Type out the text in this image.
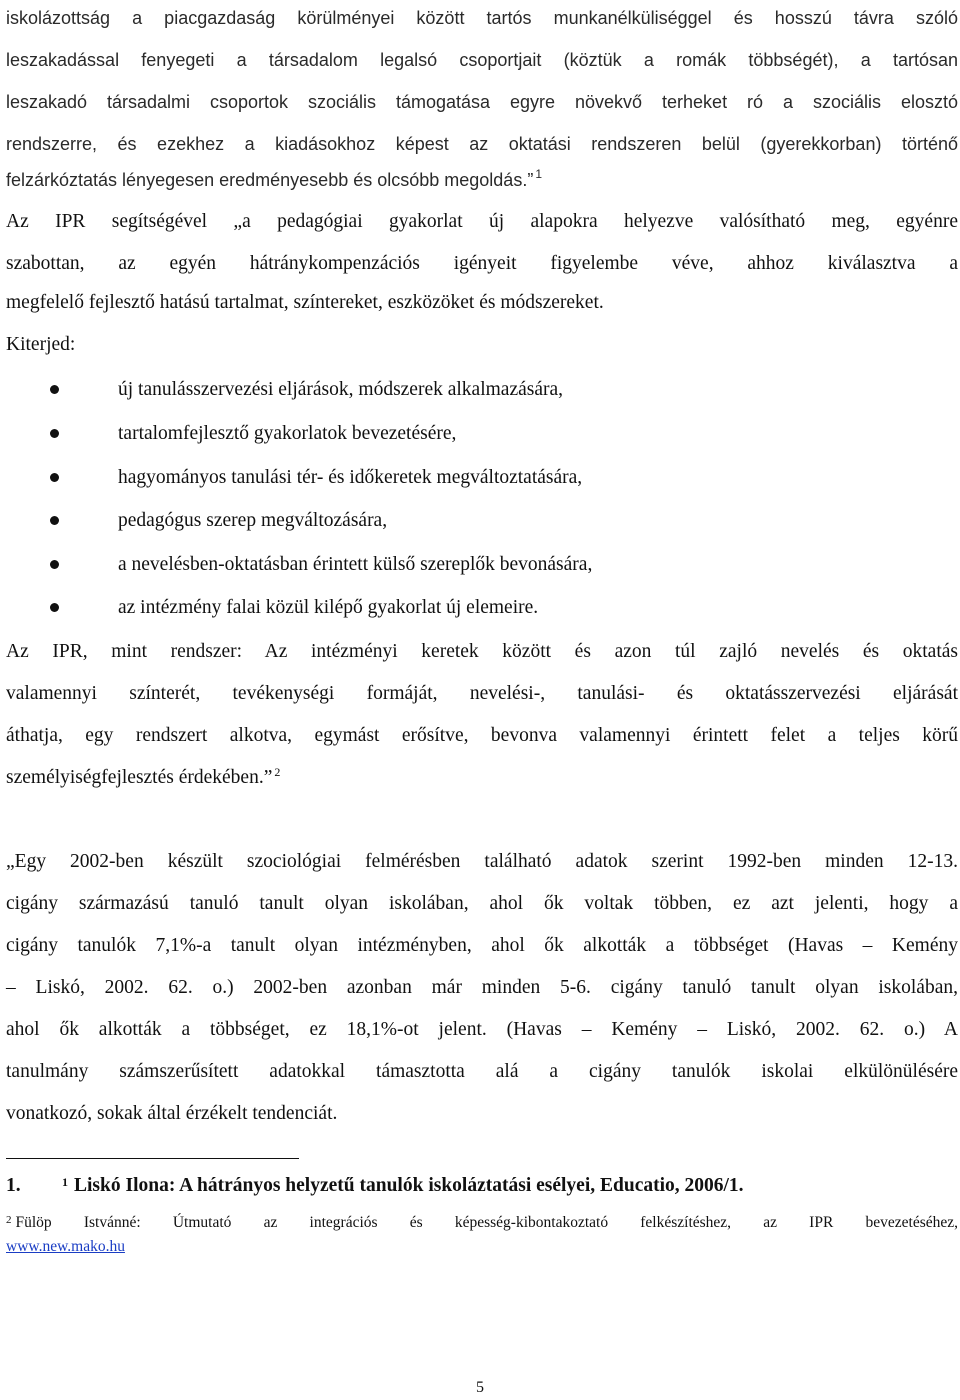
iskolázottság a piacgazdaság körülményei között tartós munkanélküliséggel és hosszú távra szóló
leszakadással fenyegeti a társadalom legalsó csoportjait (köztük a romák többségét), a tartósan
leszakadó társadalmi csoportok szociális támogatása egyre növekvő terheket ró a szociális elosztó
rendszerre, és ezekhez a kiadásokhoz képest az oktatási rendszeren belül (gyerekkorban) történő
felzárkóztatás lényegesen eredményesebb és olcsóbb megoldás.” $^1$
Az IPR segítségével „a pedagógiai gyakorlat új alapokra helyezve valósítható meg, egyénre
szabottan, az egyén hátránykompenzációs igényeit figyelembe véve, ahhoz kiválasztva a
megfelelő fejlesztő hatású tartalmat, színtereket, eszközöket és módszereket.
Kiterjed:
új tanulásszervezési eljárások, módszerek alkalmazására,
tartalomfejlesztő gyakorlatok bevezetésére,
hagyományos tanulási tér- és időkeretek megváltoztatására,
pedagógus szerep megváltozására,
a nevelésben-oktatásban érintett külső szereplők bevonására,
az intézmény falai közül kilépő gyakorlat új elemeire.
Az IPR, mint rendszer: Az intézményi keretek között és azon túl zajló nevelés és oktatás
valamennyi színterét, tevékenységi formáját, nevelési-, tanulási- és oktatásszervezési eljárását
áthatja, egy rendszert alkotva, egymást erősítve, bevonva valamennyi érintett felet a teljes körű
személyiségfejlesztés érdekében.” $^2$
„Egy 2002-ben készült szociológiai felmérésben található adatok szerint 1992-ben minden 12-13.
cigány származású tanuló tanult olyan iskolában, ahol ők voltak többen, ez azt jelenti, hogy a
cigány tanulók 7,1%-a tanult olyan intézményben, ahol ők alkották a többséget (Havas – Kemény
– Liskó, 2002. 62. o.) 2002-ben azonban már minden 5-6. cigány tanuló tanult olyan iskolában,
ahol ők alkották a többséget, ez 18,1%-ot jelent. (Havas – Kemény – Liskó, 2002. 62. o.) A
tanulmány számszerűsített adatokkal támasztotta alá a cigány tanulók iskolai elkülönülésére
vonatkozó, sokak által érzékelt tendenciát.
1.	$^1$ Liskó Ilona: A hátrányos helyzetű tanulók iskoláztatási esélyei, Educatio, 2006/1.
$^2$ Fülöp Istvánné: Útmutató az integrációs és képesség-kibontakoztató felkészítéshez, az IPR bevezetéséhez,
www.new.mako.hu
5
